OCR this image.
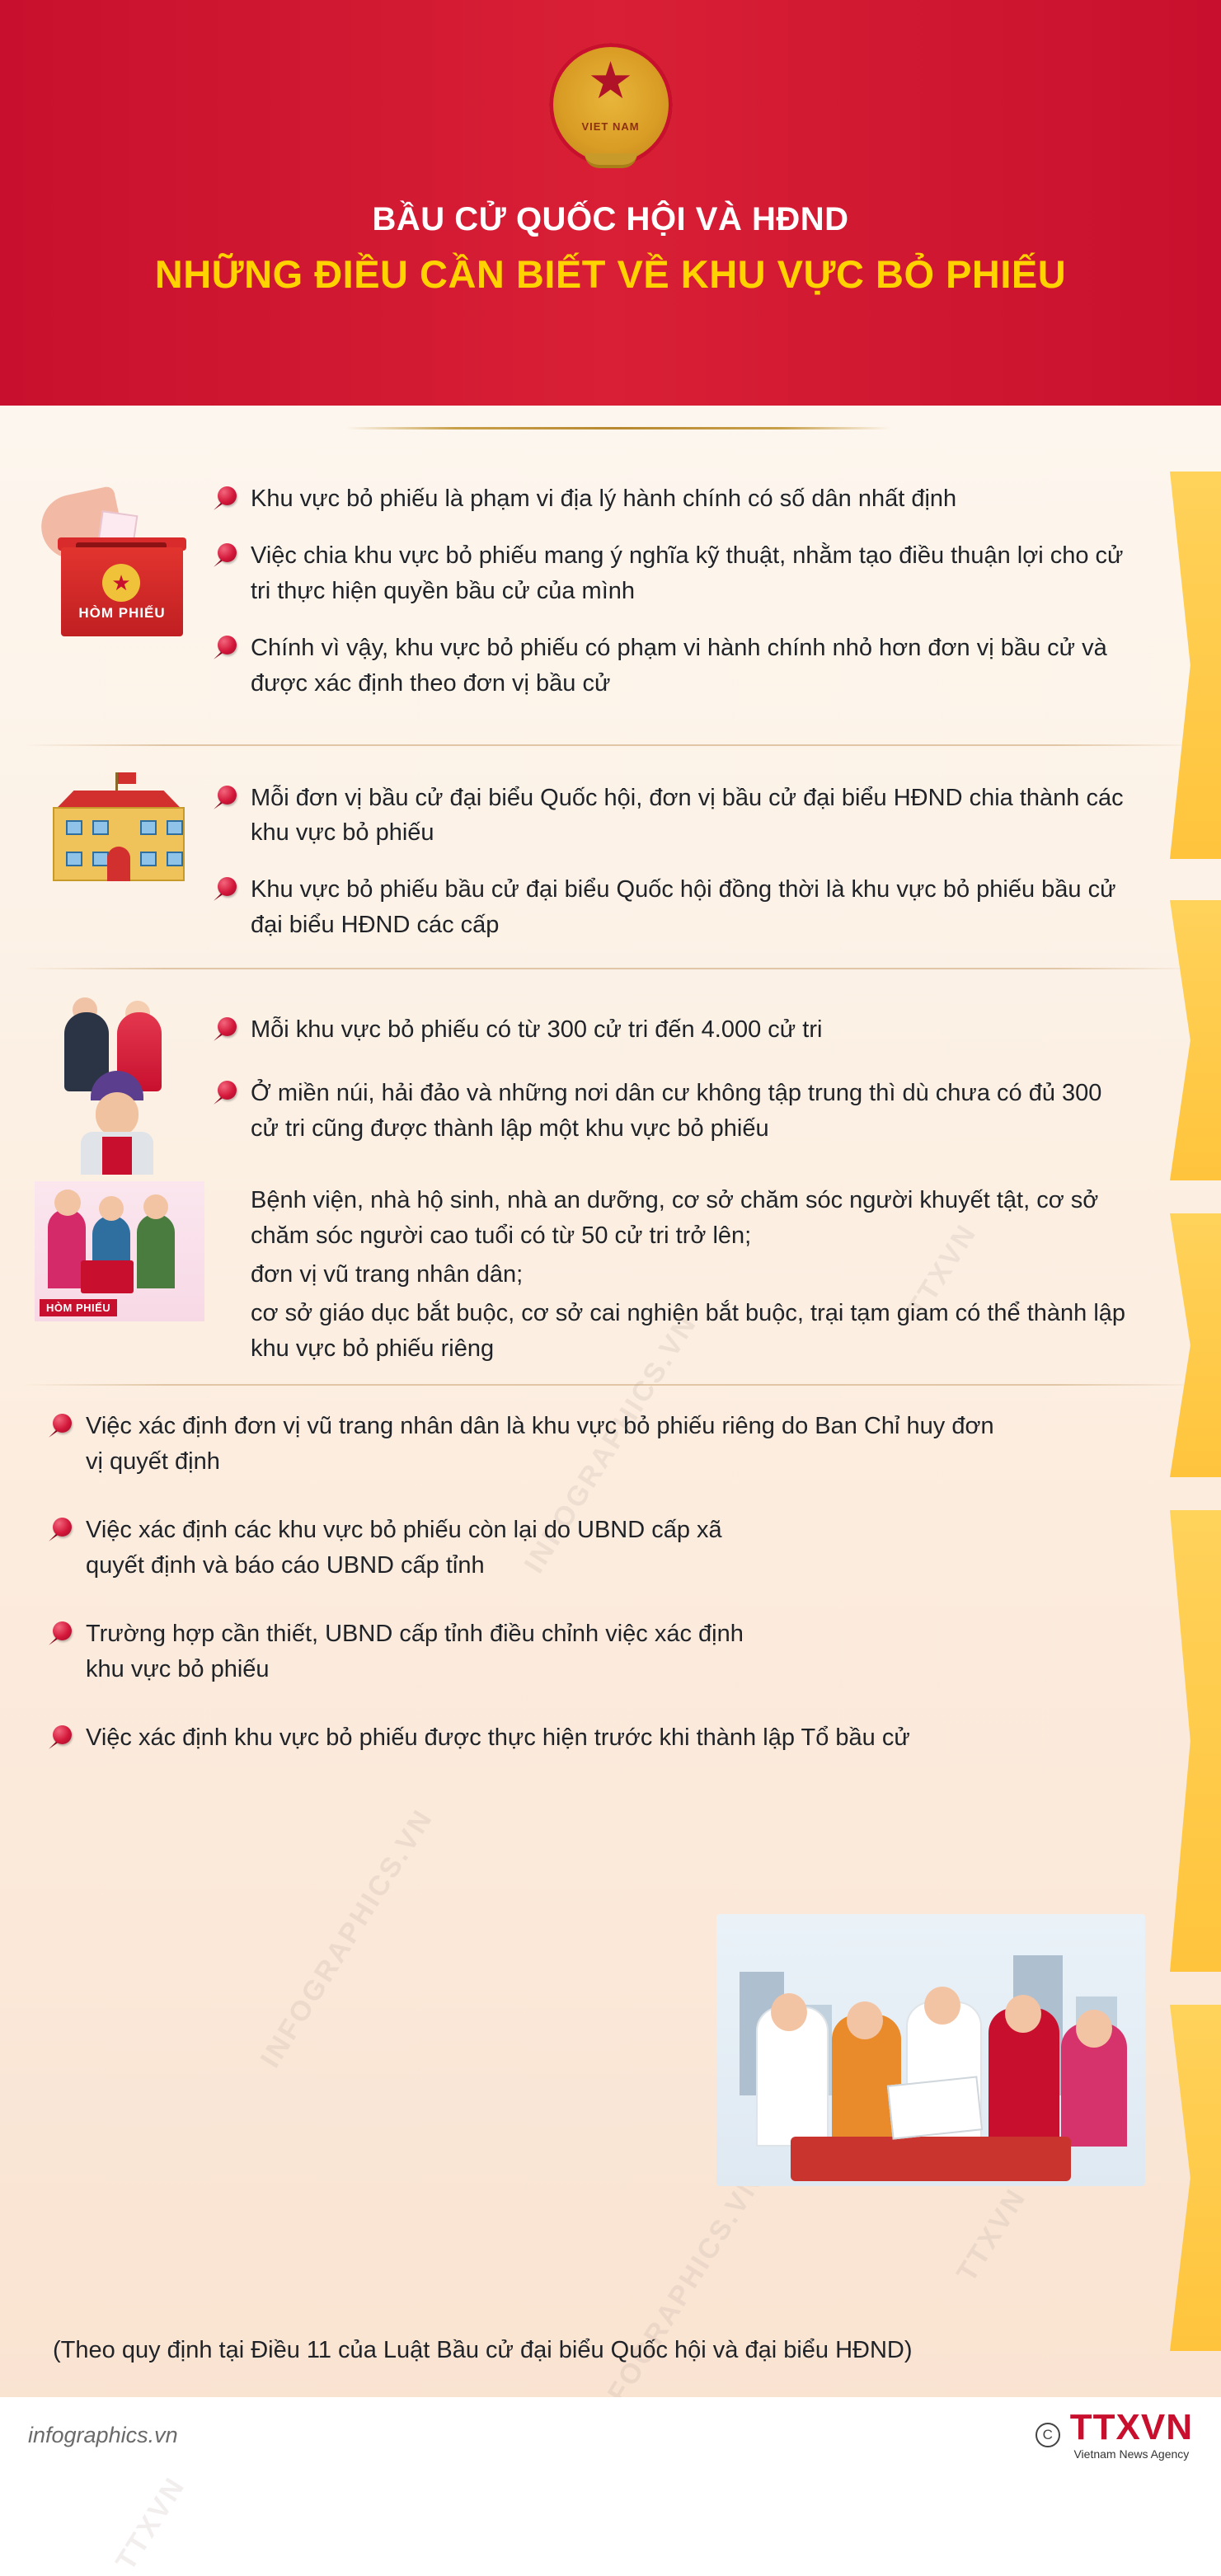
★
VIET NAM
BẦU CỬ QUỐC HỘI VÀ HĐND
NHỮNG ĐIỀU CẦN BIẾT VỀ KHU VỰC BỎ PHIẾU
TTXVN
INFOGRAPHICS.VN
TTXVN
INFOGRAPHICS.VN
TTXVN
INFOGRAPHICS.VN
★
HÒM PHIẾU
Khu vực bỏ phiếu là phạm vi địa lý hành chính có số dân nhất định
Việc chia khu vực bỏ phiếu mang ý nghĩa kỹ thuật, nhằm tạo điều thuận lợi cho cử tri thực hiện quyền bầu cử của mình
Chính vì vậy, khu vực bỏ phiếu có phạm vi hành chính nhỏ hơn đơn vị bầu cử và được xác định theo đơn vị bầu cử
Mỗi đơn vị bầu cử đại biểu Quốc hội, đơn vị bầu cử đại biểu HĐND chia thành các khu vực bỏ phiếu
Khu vực bỏ phiếu bầu cử đại biểu Quốc hội đồng thời là khu vực bỏ phiếu bầu cử đại biểu HĐND các cấp
Mỗi khu vực bỏ phiếu có từ 300 cử tri đến 4.000 cử tri
Ở miền núi, hải đảo và những nơi dân cư không tập trung thì dù chưa có đủ 300 cử tri cũng được thành lập một khu vực bỏ phiếu
HÒM PHIẾU
Bệnh viện, nhà hộ sinh, nhà an dưỡng, cơ sở chăm sóc người khuyết tật, cơ sở chăm sóc người cao tuổi có từ 50 cử tri trở lên;
đơn vị vũ trang nhân dân;
cơ sở giáo dục bắt buộc, cơ sở cai nghiện bắt buộc, trại tạm giam có thể thành lập khu vực bỏ phiếu riêng
Việc xác định đơn vị vũ trang nhân dân là khu vực bỏ phiếu riêng do Ban Chỉ huy đơn vị quyết định
Việc xác định các khu vực bỏ phiếu còn lại do UBND cấp xã quyết định và báo cáo UBND cấp tỉnh
Trường hợp cần thiết, UBND cấp tỉnh điều chỉnh việc xác định khu vực bỏ phiếu
Việc xác định khu vực bỏ phiếu được thực hiện trước khi thành lập Tổ bầu cử
(Theo quy định tại Điều 11 của Luật Bầu cử đại biểu Quốc hội và đại biểu HĐND)
infographics.vn	C TTXVN
Vietnam News Agency
